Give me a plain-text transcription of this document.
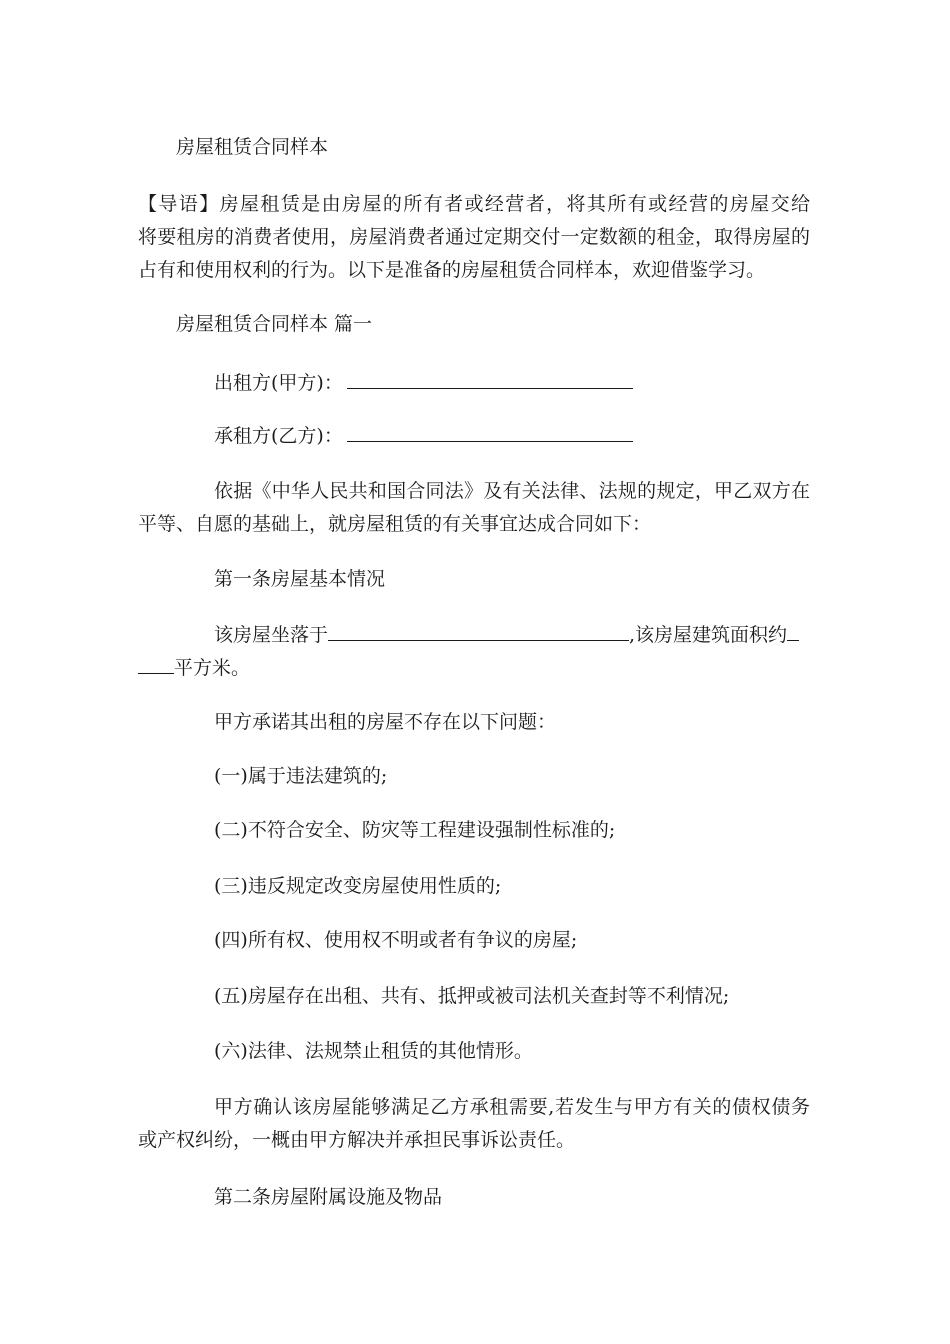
房屋租赁合同样本
【导语】房屋租赁是由房屋的所有者或经营者，将其所有或经营的房屋交给
将要租房的消费者使用，房屋消费者通过定期交付一定数额的租金，取得房屋的
占有和使用权利的行为。以下是准备的房屋租赁合同样本，欢迎借鉴学习。
房屋租赁合同样本 篇一
出租方(甲方)：
承租方(乙方)：
依据《中华人民共和国合同法》及有关法律、法规的规定，甲乙双方在
平等、自愿的基础上，就房屋租赁的有关事宜达成合同如下：
第一条房屋基本情况
该房屋坐落于	,该房屋建筑面积约
平方米。
甲方承诺其出租的房屋不存在以下问题：
(一)属于违法建筑的;
(二)不符合安全、防灾等工程建设强制性标准的;
(三)违反规定改变房屋使用性质的;
(四)所有权、使用权不明或者有争议的房屋;
(五)房屋存在出租、共有、抵押或被司法机关查封等不利情况;
(六)法律、法规禁止租赁的其他情形。
甲方确认该房屋能够满足乙方承租需要,若发生与甲方有关的债权债务
或产权纠纷，一概由甲方解决并承担民事诉讼责任。
第二条房屋附属设施及物品
